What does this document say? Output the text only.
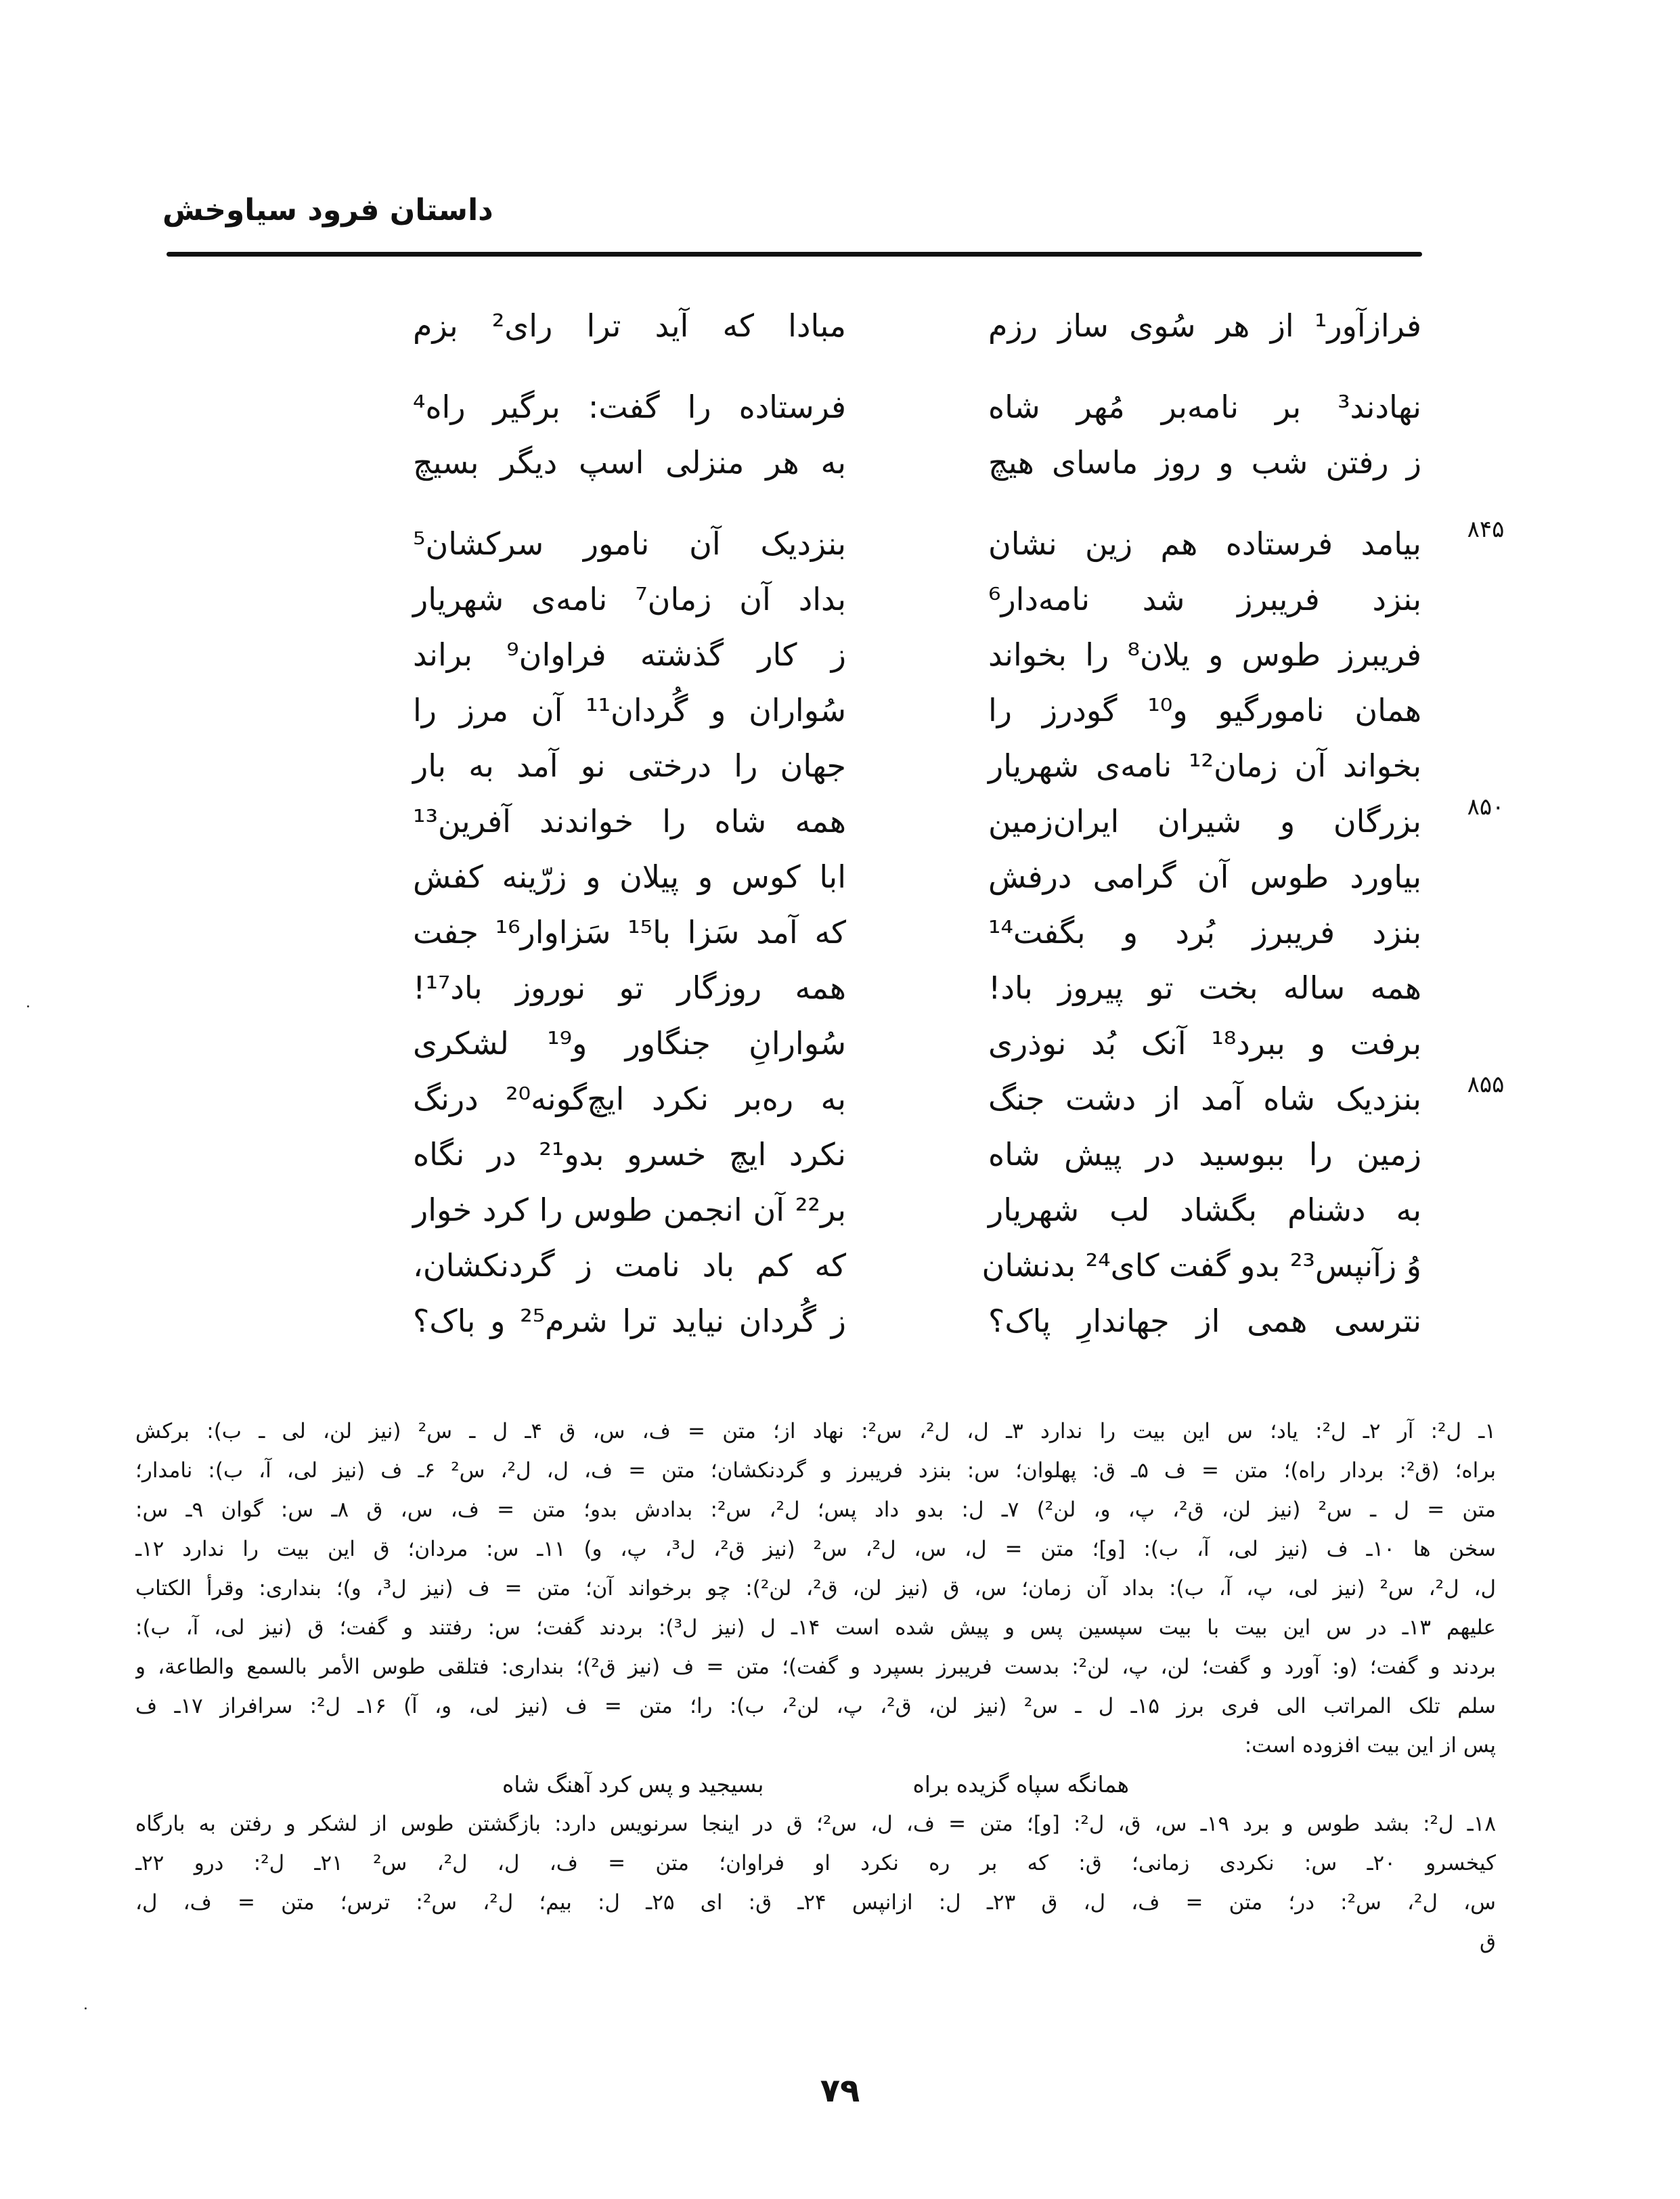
داستان فرود سیاوخش
فرازآور¹ از هر سُوی ساز رزم
مبادا که آید ترا رای² بزم
نهادند³ بر نامه‌بر مُهر شاه
فرستاده را گفت: برگیر راه⁴
ز رفتن شب و روز ماسای هیچ
به هر منزلی اسپ دیگر بسیچ
۸۴۵
بیامد فرستاده هم زین نشان
بنزدیک آن نامور سرکشان⁵
بنزد فریبرز شد نامه‌دار⁶
بداد آن زمان⁷ نامه‌ی شهریار
فریبرز طوس و یلان⁸ را بخواند
ز کار گذشته فراوان⁹ براند
همان نامورگیو و¹⁰ گودرز را
سُواران و گُردان¹¹ آن مرز را
بخواند آن زمان¹² نامه‌ی شهریار
جهان را درختی نو آمد به بار
۸۵۰
بزرگان و شیران ایران‌زمین
همه شاه را خواندند آفرین¹³
بیاورد طوس آن گرامی درفش
ابا کوس و پیلان و زرّینه کفش
بنزد فریبرز بُرد و بگفت¹⁴
که آمد سَزا با¹⁵ سَزاوار¹⁶ جفت
همه ساله بخت تو پیروز باد!
همه روزگار تو نوروز باد¹⁷!
برفت و ببرد¹⁸ آنک بُد نوذری
سُوارانِ جنگاور و¹⁹ لشکری
۸۵۵
بنزدیک شاه آمد از دشت جنگ
به ره‌بر نکرد ایچ‌گونه²⁰ درنگ
زمین را ببوسید در پیش شاه
نکرد ایچ خسرو بدو²¹ در نگاه
به دشنام بگشاد لب شهریار
بر²² آن انجمن طوس را کرد خوار
وُ زآنپس²³ بدو گفت کای²⁴ بدنشان
که کم باد نامت ز گردنکشان،
نترسی همی از جهاندارِ پاک؟
ز گُردان نیاید ترا شرم²⁵ و باک؟
۱ـ ل²: آر ۲ـ ل²: یاد؛ س این بیت را ندارد ۳ـ ل، ل²، س²: نهاد از؛ متن = ف، س، ق ۴ـ ل ـ س² (نیز لن، لی ـ ب): برکش
براه؛ (ق²: بردار راه)؛ متن = ف ۵ـ ق: پهلوان؛ س: بنزد فریبرز و گردنکشان؛ متن = ف، ل، ل²، س² ۶ـ ف (نیز لی، آ، ب): نامدار؛
متن = ل ـ س² (نیز لن، ق²، پ، و، لن²) ۷ـ ل: بدو داد پس؛ ل²، س²: بدادش بدو؛ متن = ف، س، ق ۸ـ س: گوان ۹ـ س:
سخن ها ۱۰ـ ف (نیز لی، آ، ب): [و]؛ متن = ل، س، ل²، س² (نیز ق²، ل³، پ، و) ۱۱ـ س: مردان؛ ق این بیت را ندارد ۱۲ـ
ل، ل²، س² (نیز لی، پ، آ، ب): بداد آن زمان؛ س، ق (نیز لن، ق²، لن²): چو برخواند آن؛ متن = ف (نیز ل³، و)؛ بنداری: وقرأ الکتاب
علیهم ۱۳ـ در س این بیت با بیت سپسین پس و پیش شده است ۱۴ـ ل (نیز ل³): بردند گفت؛ س: رفتند و گفت؛ ق (نیز لی، آ، ب):
بردند و گفت؛ (و: آورد و گفت؛ لن، پ، لن²: بدست فریبرز بسپرد و گفت)؛ متن = ف (نیز ق²)؛ بنداری: فتلقی طوس الأمر بالسمع والطاعة، و
سلم تلک المراتب الی فری برز ۱۵ـ ل ـ س² (نیز لن، ق²، پ، لن²، ب): را؛ متن = ف (نیز لی، و، آ) ۱۶ـ ل²: سرافراز ۱۷ـ ف
پس از این بیت افزوده است:
همانگه سپاه گزیده براه
بسیجید و پس کرد آهنگ شاه
۱۸ـ ل²: بشد طوس و برد ۱۹ـ س، ق، ل²: [و]؛ متن = ف، ل، س²؛ ق در اینجا سرنویس دارد: بازگشتن طوس از لشکر و رفتن به بارگاه
کیخسرو ۲۰ـ س: نکردی زمانی؛ ق: که بر ره نکرد او فراوان؛ متن = ف، ل، ل²، س² ۲۱ـ ل²: درو ۲۲ـ
س، ل²، س²: در؛ متن = ف، ل، ق ۲۳ـ ل: ازانپس ۲۴ـ ق: ای ۲۵ـ ل: بیم؛ ل²، س²: ترس؛ متن = ف، ل،
ق
۷۹
